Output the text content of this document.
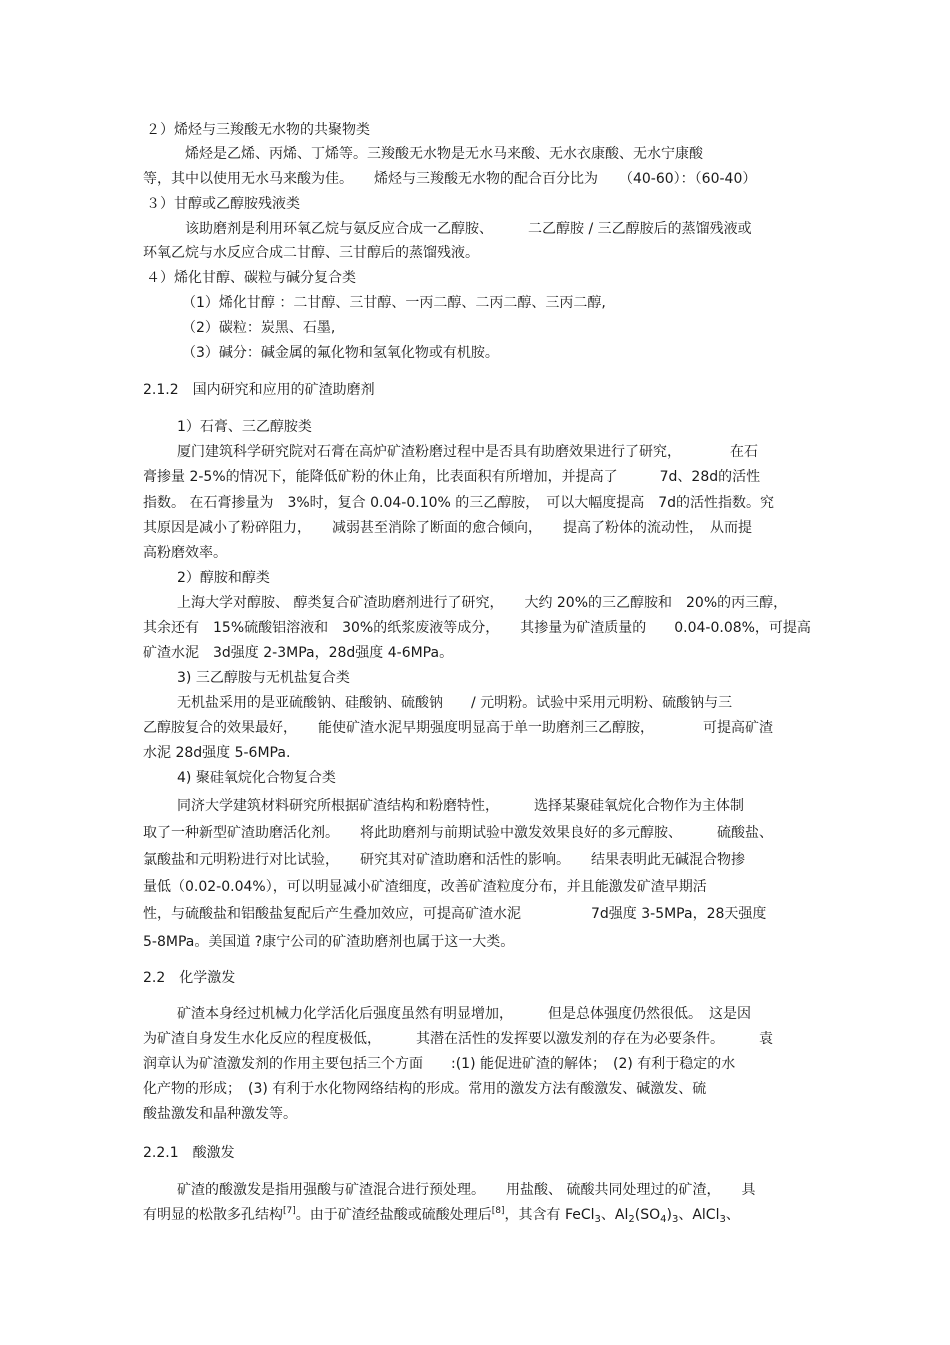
２）烯烃与三羧酸无水物的共聚物类
烯烃是乙烯、丙烯、丁烯等。三羧酸无水物是无水马来酸、无水衣康酸、无水宁康酸
等，其中以使用无水马来酸为佳。　　烯烃与三羧酸无水物的配合百分比为　　（40-60）：（60-40）
３）甘醇或乙醇胺残液类
该助磨剂是利用环氧乙烷与氨反应合成一乙醇胺、　　　二乙醇胺 / 三乙醇胺后的蒸馏残液或
环氧乙烷与水反应合成二甘醇、三甘醇后的蒸馏残液。
４）烯化甘醇、碳粒与碱分复合类
（1）烯化甘醇 ：二甘醇、三甘醇、一丙二醇、二丙二醇、三丙二醇,
（2）碳粒：炭黑、石墨,
（3）碱分：碱金属的氟化物和氢氧化物或有机胺。
2.1.2　国内研究和应用的矿渣助磨剂
1）石膏、三乙醇胺类
厦门建筑科学研究院对石膏在高炉矿渣粉磨过程中是否具有助磨效果进行了研究，　　　　在石
膏掺量 2-5%的情况下，能降低矿粉的休止角，比表面积有所增加，并提高了　　　7d、28d的活性
指数。 在石膏掺量为　3%时，复合 0.04-0.10% 的三乙醇胺，　可以大幅度提高　7d的活性指数。究
其原因是减小了粉碎阻力，　　减弱甚至消除了断面的愈合倾向，　　提高了粉体的流动性，　从而提
高粉磨效率。
2）醇胺和醇类
上海大学对醇胺、 醇类复合矿渣助磨剂进行了研究，　　大约 20%的三乙醇胺和　20%的丙三醇，
其余还有　15%硫酸铝溶液和　30%的纸浆废液等成分，　　其掺量为矿渣质量的　　0.04-0.08%，可提高
矿渣水泥　3d强度 2-3MPa，28d强度 4-6MPa。
3) 三乙醇胺与无机盐复合类
无机盐采用的是亚硫酸钠、硅酸钠、硫酸钠　　/ 元明粉。试验中采用元明粉、硫酸钠与三
乙醇胺复合的效果最好，　　能使矿渣水泥早期强度明显高于单一助磨剂三乙醇胺，　　　　可提高矿渣
水泥 28d强度 5-6MPa.
4) 聚硅氧烷化合物复合类
同济大学建筑材料研究所根据矿渣结构和粉磨特性，　　　选择某聚硅氧烷化合物作为主体制
取了一种新型矿渣助磨活化剂。　　将此助磨剂与前期试验中激发效果良好的多元醇胺、　　　硫酸盐、
氯酸盐和元明粉进行对比试验，　　研究其对矿渣助磨和活性的影响。　　结果表明此无碱混合物掺
量低（0.02-0.04%），可以明显减小矿渣细度，改善矿渣粒度分布，并且能激发矿渣早期活
性，与硫酸盐和铝酸盐复配后产生叠加效应，可提高矿渣水泥　　　　　7d强度 3-5MPa，28天强度
5-8MPa。美国道 ?康宁公司的矿渣助磨剂也属于这一大类。
2.2　化学激发
矿渣本身经过机械力化学活化后强度虽然有明显增加，　　　但是总体强度仍然很低。　这是因
为矿渣自身发生水化反应的程度极低，　　　其潜在活性的发挥要以激发剂的存在为必要条件。　　　袁
润章认为矿渣激发剂的作用主要包括三个方面　　:(1) 能促进矿渣的解体；　(2) 有利于稳定的水
化产物的形成；　(3) 有利于水化物网络结构的形成。常用的激发方法有酸激发、碱激发、硫
酸盐激发和晶种激发等。
2.2.1　酸激发
矿渣的酸激发是指用强酸与矿渣混合进行预处理。　　用盐酸、 硫酸共同处理过的矿渣，　　具
有明显的松散多孔结构[7]。由于矿渣经盐酸或硫酸处理后[8]，其含有 FeCl$_3$、$Al_2(SO_4)_3$、AlCl$_3$、
